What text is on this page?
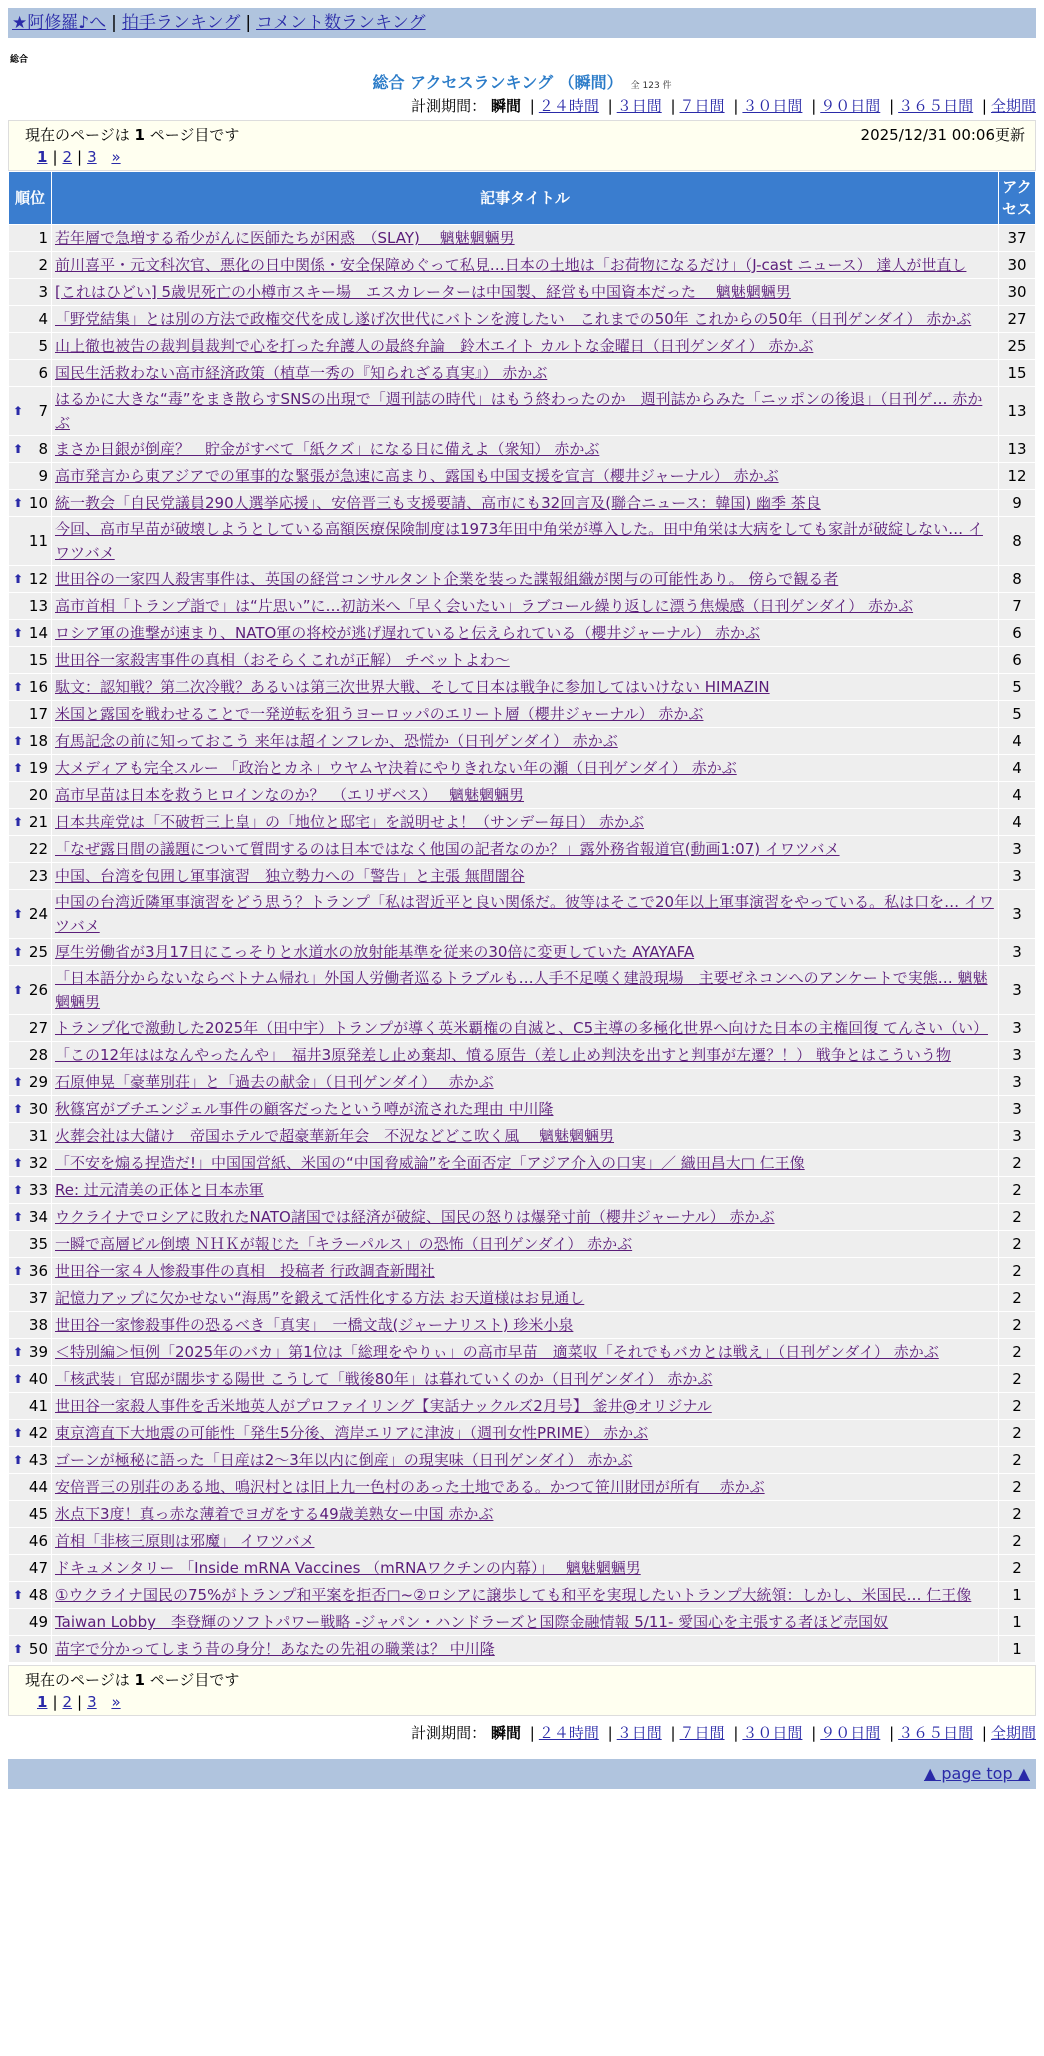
★阿修羅♪へ | 拍手ランキング | コメント数ランキング
総合
総合 アクセスランキング （瞬間） 全 123 件
計測期間： 瞬間 | ２４時間 | ３日間 | ７日間 | ３０日間 | ９０日間 | ３６５日間 | 全期間
現在のページは 1 ページ目です	2025/12/31 00:06更新
1 | 2 | 3 »
順位	記事タイトル	アクセス
1	若年層で急増する希少がんに医師たちが困惑　（SLAY)　 魑魅魍魎男	37
2	前川喜平・元文科次官、悪化の日中関係・安全保障めぐって私見…日本の土地は「お荷物になるだけ」（J-cast ニュース） 達人が世直し	30
3	[これはひどい] 5歳児死亡の小樽市スキー場　エスカレーターは中国製、経営も中国資本だった　 魑魅魍魎男	30
4	「野党結集」とは別の方法で政権交代を成し遂げ次世代にバトンを渡したい　これまでの50年 これからの50年（日刊ゲンダイ） 赤かぶ	27
5	山上徹也被告の裁判員裁判で心を打った弁護人の最終弁論　鈴木エイト カルトな金曜日（日刊ゲンダイ） 赤かぶ	25
6	国民生活救わない高市経済政策（植草一秀の『知られざる真実』） 赤かぶ	15

⬆ 7	はるかに大きな“毒”をまき散らすSNSの出現で「週刊誌の時代」はもう終わったのか　週刊誌からみた「ニッポンの後退」（日刊ゲ… 赤かぶ	13

⬆ 8	まさか日銀が倒産？　貯金がすべて「紙クズ」になる日に備えよ（衆知） 赤かぶ	13
9	高市発言から東アジアでの軍事的な緊張が急速に高まり、露国も中国支援を宣言（櫻井ジャーナル） 赤かぶ	12

⬆ 10	統一教会「自民党議員290人選挙応援」、安倍晋三も支援要請、高市にも32回言及(聯合ニュース：韓国) 幽季 茶良	9
11	今回、高市早苗が破壊しようとしている高額医療保険制度は1973年田中角栄が導入した。田中角栄は大病をしても家計が破綻しない… イワツバメ	8

⬆ 12	世田谷の一家四人殺害事件は、英国の経営コンサルタント企業を装った諜報組織が関与の可能性あり。 傍らで観る者	8
13	高市首相「トランプ詣で」は“片思い”に…初訪米へ「早く会いたい」ラブコール繰り返しに漂う焦燥感（日刊ゲンダイ） 赤かぶ	7

⬆ 14	ロシア軍の進撃が速まり、NATO軍の将校が逃げ遅れていると伝えられている（櫻井ジャーナル） 赤かぶ	6
15	世田谷一家殺害事件の真相（おそらくこれが正解） チベットよわ～	6

⬆ 16	駄文：認知戦？第二次冷戦？あるいは第三次世界大戦、そして日本は戦争に参加してはいけない HIMAZIN	5
17	米国と露国を戦わせることで一発逆転を狙うヨーロッパのエリート層（櫻井ジャーナル） 赤かぶ	5

⬆ 18	有馬記念の前に知っておこう 来年は超インフレか、恐慌か（日刊ゲンダイ） 赤かぶ	4

⬆ 19	大メディアも完全スルー 「政治とカネ」ウヤムヤ決着にやりきれない年の瀬（日刊ゲンダイ） 赤かぶ	4
20	高市早苗は日本を救うヒロインなのか？　（エリザベス）　 魑魅魍魎男	4

⬆ 21	日本共産党は「不破哲三上皇」の「地位と邸宅」を説明せよ！（サンデー毎日） 赤かぶ	4
22	「なぜ露日間の議題について質問するのは日本ではなく他国の記者なのか？」露外務省報道官(動画1:07) イワツバメ	3
23	中国、台湾を包囲し軍事演習　独立勢力への「警告」と主張 無間闇谷	3

⬆ 24	中国の台湾近隣軍事演習をどう思う？トランプ「私は習近平と良い関係だ。彼等はそこで20年以上軍事演習をやっている。私は口を… イワツバメ	3

⬆ 25	厚生労働省が3月17日にこっそりと水道水の放射能基準を従来の30倍に変更していた AYAYAFA	3

⬆ 26	「日本語分からないならベトナム帰れ」外国人労働者巡るトラブルも…人手不足嘆く建設現場　主要ゼネコンへのアンケートで実態… 魑魅魍魎男	3
27	トランプ化で激動した2025年（田中宇）トランプが導く英米覇権の自滅と、C5主導の多極化世界へ向けた日本の主権回復 てんさい（い）	3
28	「この12年ははなんやったんや」　福井3原発差し止め棄却、憤る原告（差し止め判決を出すと判事が左遷？！） 戦争とはこういう物	3

⬆ 29	石原伸晃「豪華別荘」と「過去の献金」（日刊ゲンダイ）　 赤かぶ	3

⬆ 30	秋篠宮がブチエンジェル事件の顧客だったという噂が流された理由 中川隆	3
31	火葬会社は大儲け　帝国ホテルで超豪華新年会　不況などどこ吹く風　 魑魅魍魎男	3

⬆ 32	「不安を煽る捏造だ!」中国国営紙、米国の“中国脅威論”を全面否定「アジア介入の口実」／ 織田昌大□ 仁王像	2

⬆ 33	Re: 辻元清美の正体と日本赤軍	2

⬆ 34	ウクライナでロシアに敗れたNATO諸国では経済が破綻、国民の怒りは爆発寸前（櫻井ジャーナル） 赤かぶ	2
35	一瞬で高層ビル倒壊 ＮＨＫが報じた「キラーパルス」の恐怖（日刊ゲンダイ） 赤かぶ	2

⬆ 36	世田谷一家４人惨殺事件の真相　投稿者 行政調査新聞社	2
37	記憶力アップに欠かせない“海馬”を鍛えて活性化する方法 お天道様はお見通し	2
38	世田谷一家惨殺事件の恐るべき「真実」　一橋文哉(ジャーナリスト) 珍米小泉	2

⬆ 39	＜特別編＞恒例「2025年のバカ」第1位は「総理をやりぃ」の高市早苗　適菜収「それでもバカとは戦え」（日刊ゲンダイ） 赤かぶ	2

⬆ 40	「核武装」官邸が闊歩する陽世 こうして「戦後80年」は暮れていくのか（日刊ゲンダイ） 赤かぶ	2
41	世田谷一家殺人事件を舌米地英人がプロファイリング【実話ナックルズ2月号】 釜井@オリジナル	2

⬆ 42	東京湾直下大地震の可能性「発生5分後、湾岸エリアに津波」（週刊女性PRIME） 赤かぶ	2

⬆ 43	ゴーンが極秘に語った「日産は2～3年以内に倒産」の現実味（日刊ゲンダイ） 赤かぶ	2
44	安倍晋三の別荘のある地、鳴沢村とは旧上九一色村のあった土地である。かつて笹川財団が所有　 赤かぶ	2
45	氷点下3度！真っ赤な薄着でヨガをする49歳美熟女ー中国 赤かぶ	2
46	首相「非核三原則は邪魔」 イワツバメ	2
47	ドキュメンタリー 「Inside mRNA Vaccines （mRNAワクチンの内幕）」　 魑魅魍魎男	2

⬆ 48	①ウクライナ国民の75%がトランプ和平案を拒否□~②ロシアに譲歩しても和平を実現したいトランプ大統領：しかし、米国民… 仁王像	1
49	Taiwan Lobby　李登輝のソフトパワー戦略 -ジャパン・ハンドラーズと国際金融情報 5/11- 愛国心を主張する者ほど売国奴	1

⬆ 50	苗字で分かってしまう昔の身分！あなたの先祖の職業は？ 中川隆	1
現在のページは 1 ページ目です
1 | 2 | 3 »
計測期間： 瞬間 | ２４時間 | ３日間 | ７日間 | ３０日間 | ９０日間 | ３６５日間 | 全期間
▲ page top ▲
